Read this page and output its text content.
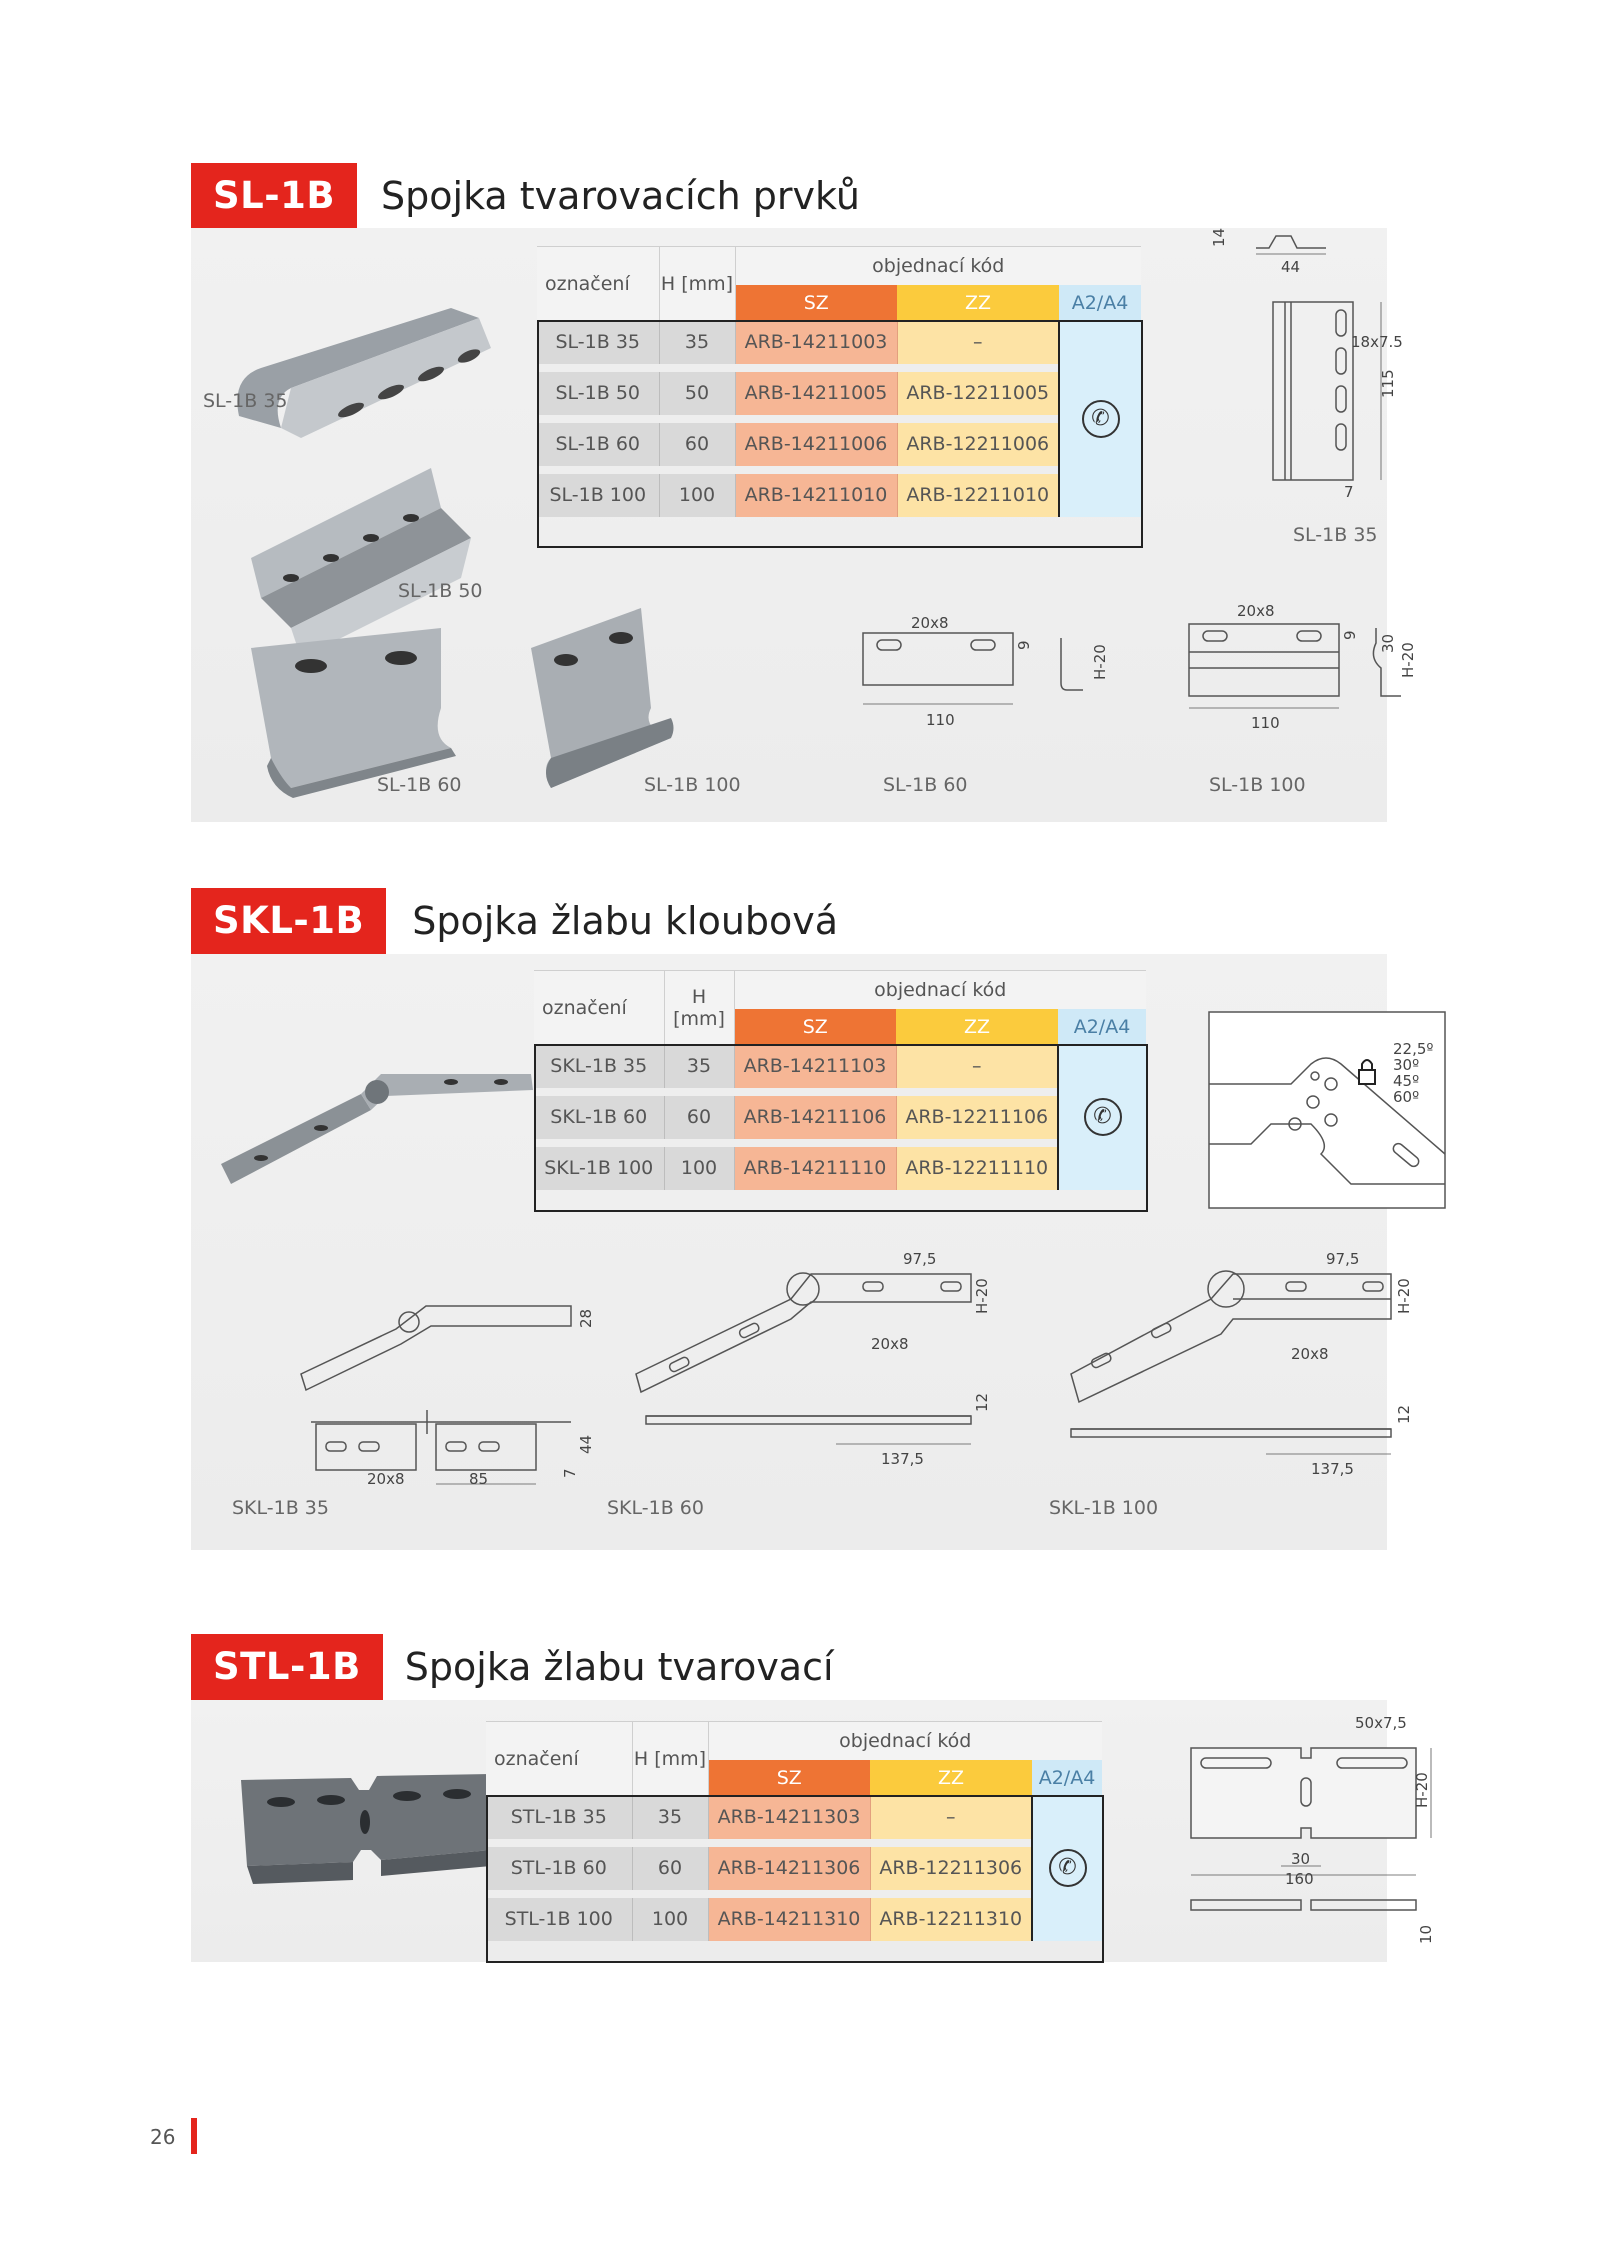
SL-1B	Spojka tvarovacích prvků
14
44
18x7.5
115
7
20x8
9
110
H-20
20x8
9 30
110
H-20
SL-1B 35
SL-1B 50
SL-1B 60	SL-1B 100	SL-1B 60	SL-1B 100
SL-1B 35
označení	H [mm]	objednací kód		
		SZ	ZZ	A2/A4
SL-1B 35	35	ARB-14211003	–	✆

SL-1B 50	50	ARB-14211005	ARB-12211005	

SL-1B 60	60	ARB-14211006	ARB-12211006	

SL-1B 100	100	ARB-14211010	ARB-12211010	
SKL-1B	Spojka žlabu kloubová
22,5º
30º
45º
60º
28
44
7
20x8	85
97,5
H-20
20x8
12
137,5
97,5
H-20
20x8
12
137,5
SKL-1B 35	SKL-1B 60	SKL-1B 100
označení	H [mm]	objednací kód		
		SZ	ZZ	A2/A4
SKL-1B 35	35	ARB-14211103	–	✆

SKL-1B 60	60	ARB-14211106	ARB-12211106	

SKL-1B 100	100	ARB-14211110	ARB-12211110	
STL-1B	Spojka žlabu tvarovací
50x7,5
H-20
30
160
10
označení	H [mm]	objednací kód		
		SZ	ZZ	A2/A4
STL-1B 35	35	ARB-14211303	–	✆

STL-1B 60	60	ARB-14211306	ARB-12211306	

STL-1B 100	100	ARB-14211310	ARB-12211310	
26
